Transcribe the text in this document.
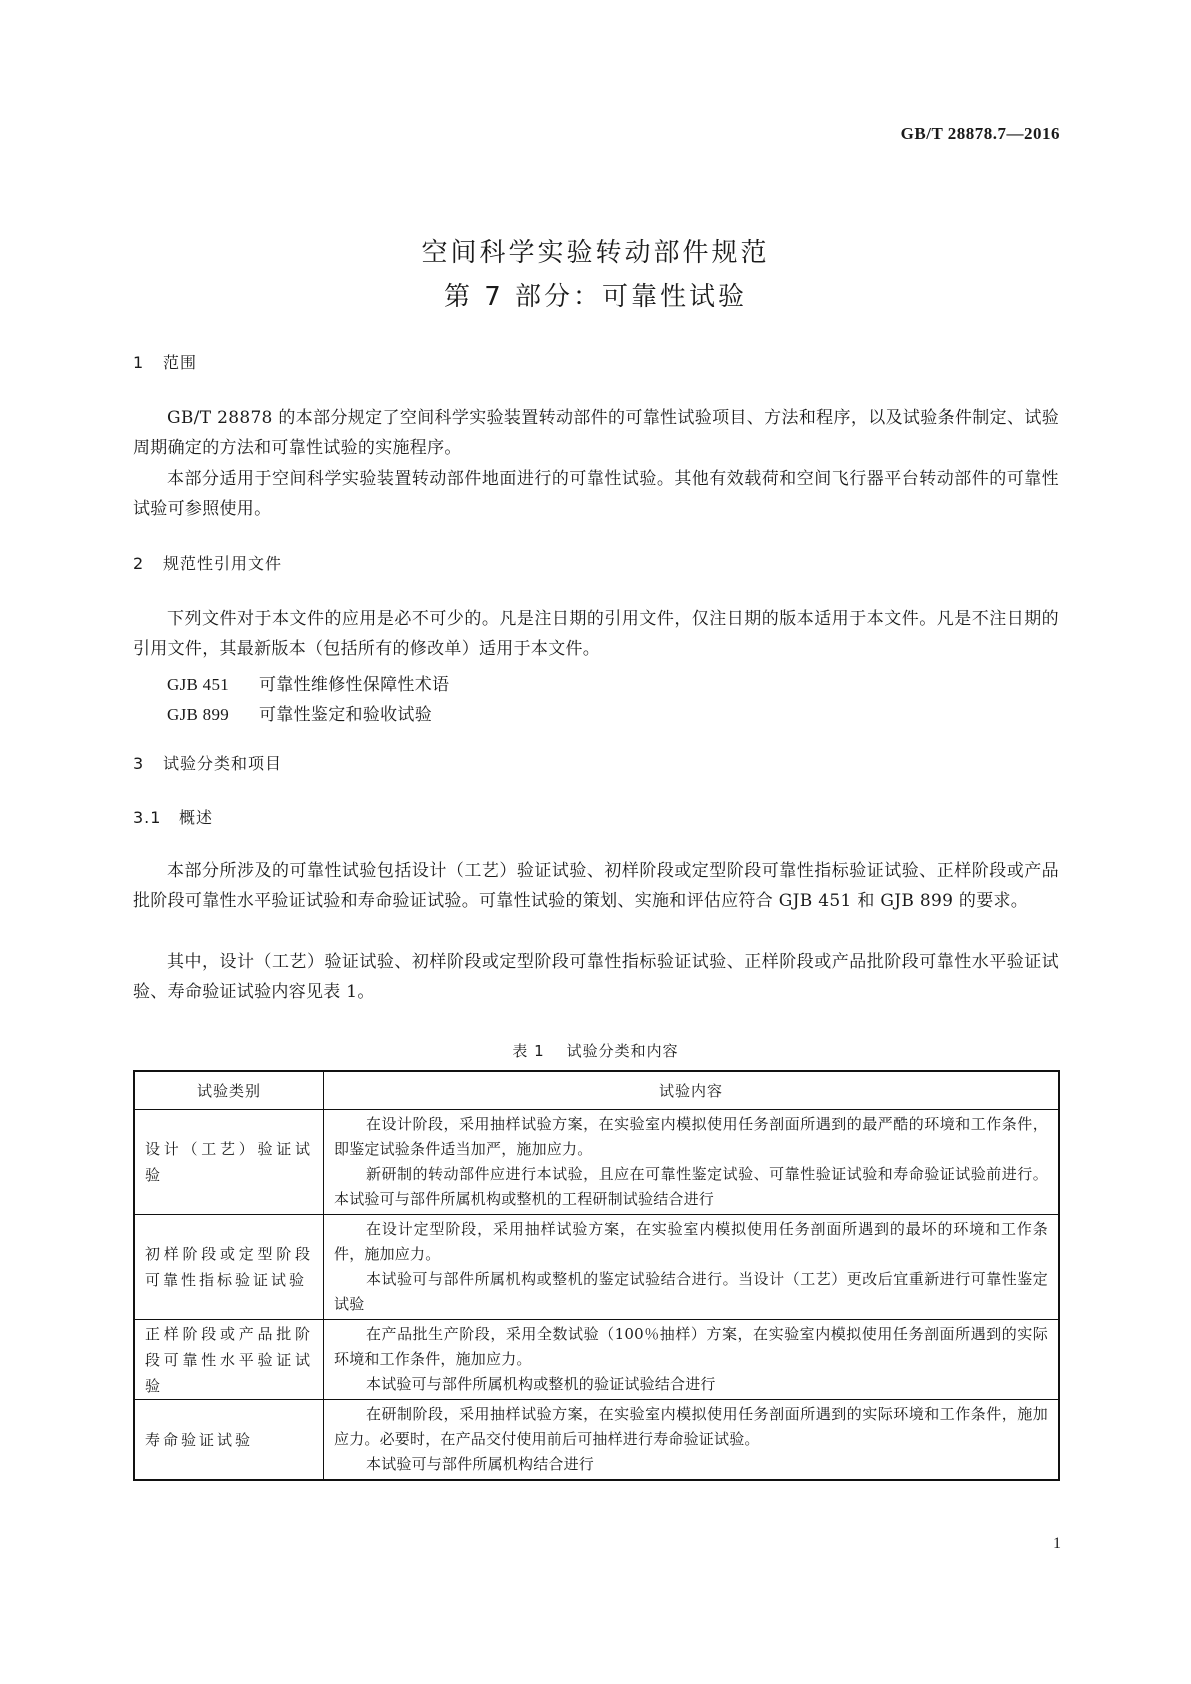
GB/T 28878.7—2016
空间科学实验转动部件规范
第 7 部分：可靠性试验
1 范围
GB/T 28878 的本部分规定了空间科学实验装置转动部件的可靠性试验项目、方法和程序，以及试验条件制定、试验周期确定的方法和可靠性试验的实施程序。
本部分适用于空间科学实验装置转动部件地面进行的可靠性试验。其他有效载荷和空间飞行器平台转动部件的可靠性试验可参照使用。
2 规范性引用文件
下列文件对于本文件的应用是必不可少的。凡是注日期的引用文件，仅注日期的版本适用于本文件。凡是不注日期的引用文件，其最新版本（包括所有的修改单）适用于本文件。
GJB 451 可靠性维修性保障性术语
GJB 899 可靠性鉴定和验收试验
3 试验分类和项目
3.1 概述
本部分所涉及的可靠性试验包括设计（工艺）验证试验、初样阶段或定型阶段可靠性指标验证试验、正样阶段或产品批阶段可靠性水平验证试验和寿命验证试验。可靠性试验的策划、实施和评估应符合 GJB 451 和 GJB 899 的要求。
其中，设计（工艺）验证试验、初样阶段或定型阶段可靠性指标验证试验、正样阶段或产品批阶段可靠性水平验证试验、寿命验证试验内容见表 1。
表 1 试验分类和内容
试验类别	试验内容
设计（工艺）验证试验	在设计阶段，采用抽样试验方案，在实验室内模拟使用任务剖面所遇到的最严酷的环境和工作条件，即鉴定试验条件适当加严，施加应力。
新研制的转动部件应进行本试验，且应在可靠性鉴定试验、可靠性验证试验和寿命验证试验前进行。本试验可与部件所属机构或整机的工程研制试验结合进行

初样阶段或定型阶段可靠性指标验证试验	在设计定型阶段，采用抽样试验方案，在实验室内模拟使用任务剖面所遇到的最坏的环境和工作条件，施加应力。
本试验可与部件所属机构或整机的鉴定试验结合进行。当设计（工艺）更改后宜重新进行可靠性鉴定试验

正样阶段或产品批阶段可靠性水平验证试验	在产品批生产阶段，采用全数试验（100％抽样）方案，在实验室内模拟使用任务剖面所遇到的实际环境和工作条件，施加应力。
本试验可与部件所属机构或整机的验证试验结合进行

寿命验证试验	在研制阶段，采用抽样试验方案，在实验室内模拟使用任务剖面所遇到的实际环境和工作条件，施加应力。必要时，在产品交付使用前后可抽样进行寿命验证试验。
本试验可与部件所属机构结合进行
1
